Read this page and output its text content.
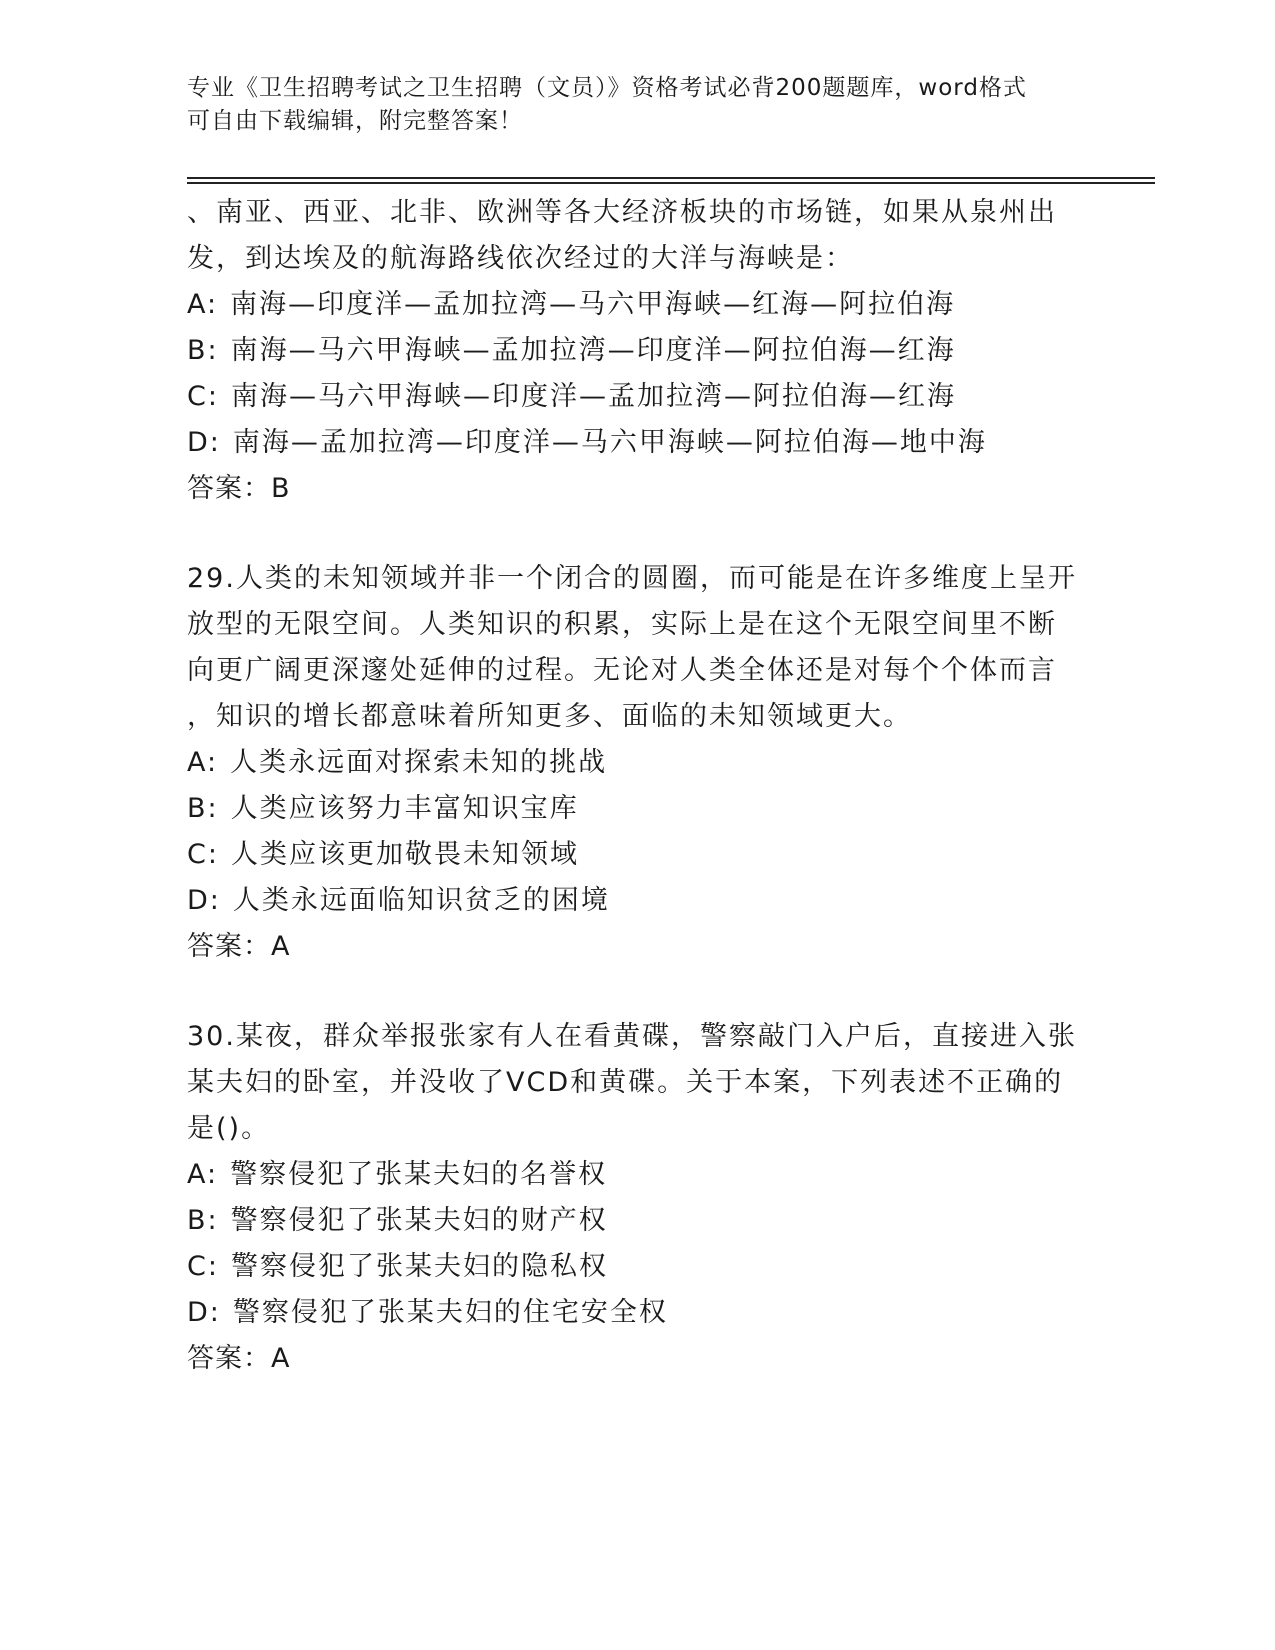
专业《卫生招聘考试之卫生招聘（文员）》资格考试必背200题题库，word格式
可自由下载编辑，附完整答案！
、南亚、西亚、北非、欧洲等各大经济板块的市场链，如果从泉州出
发，到达埃及的航海路线依次经过的大洋与海峡是：
A: 南海—印度洋—孟加拉湾—马六甲海峡—红海—阿拉伯海
B: 南海—马六甲海峡—孟加拉湾—印度洋—阿拉伯海—红海
C: 南海—马六甲海峡—印度洋—孟加拉湾—阿拉伯海—红海
D: 南海—孟加拉湾—印度洋—马六甲海峡—阿拉伯海—地中海
答案：B
29.人类的未知领域并非一个闭合的圆圈，而可能是在许多维度上呈开
放型的无限空间。人类知识的积累，实际上是在这个无限空间里不断
向更广阔更深邃处延伸的过程。无论对人类全体还是对每个个体而言
，知识的增长都意味着所知更多、面临的未知领域更大。
A: 人类永远面对探索未知的挑战
B: 人类应该努力丰富知识宝库
C: 人类应该更加敬畏未知领域
D: 人类永远面临知识贫乏的困境
答案：A
30.某夜，群众举报张家有人在看黄碟，警察敲门入户后，直接进入张
某夫妇的卧室，并没收了VCD和黄碟。关于本案，下列表述不正确的
是()。
A: 警察侵犯了张某夫妇的名誉权
B: 警察侵犯了张某夫妇的财产权
C: 警察侵犯了张某夫妇的隐私权
D: 警察侵犯了张某夫妇的住宅安全权
答案：A
